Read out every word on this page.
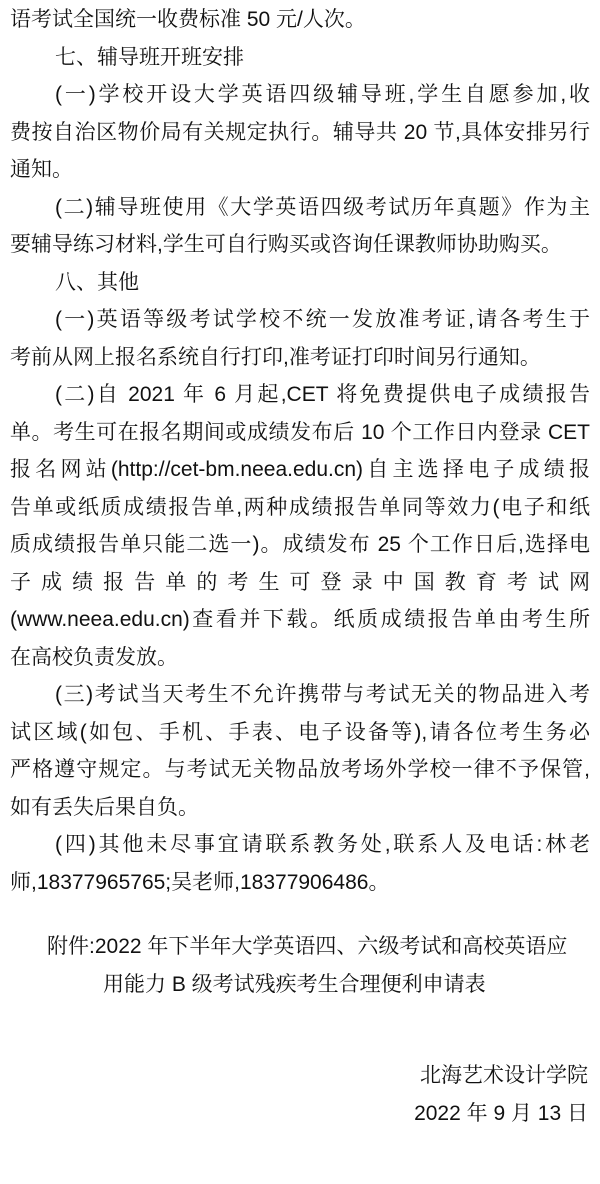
语考试全国统一收费标准 50 元/人次。
七、辅导班开班安排
(一)学校开设大学英语四级辅导班,学生自愿参加,收
费按自治区物价局有关规定执行。辅导共 20 节,具体安排另行
通知。
(二)辅导班使用《大学英语四级考试历年真题》作为主
要辅导练习材料,学生可自行购买或咨询任课教师协助购买。
八、其他
(一)英语等级考试学校不统一发放准考证,请各考生于
考前从网上报名系统自行打印,准考证打印时间另行通知。
(二)自 2021 年 6 月起,CET 将免费提供电子成绩报告
单。考生可在报名期间或成绩发布后 10 个工作日内登录 CET
报名网站(http://cet-bm.neea.edu.cn)自主选择电子成绩报
告单或纸质成绩报告单,两种成绩报告单同等效力(电子和纸
质成绩报告单只能二选一)。成绩发布 25 个工作日后,选择电
子成绩报告单的考生可登录中国教育考试网
(www.neea.edu.cn)查看并下载。纸质成绩报告单由考生所
在高校负责发放。
(三)考试当天考生不允许携带与考试无关的物品进入考
试区域(如包、手机、手表、电子设备等),请各位考生务必
严格遵守规定。与考试无关物品放考场外学校一律不予保管,
如有丢失后果自负。
(四)其他未尽事宜请联系教务处,联系人及电话:林老
师,18377965765;吴老师,18377906486。
附件:2022 年下半年大学英语四、六级考试和高校英语应
用能力 B 级考试残疾考生合理便利申请表
北海艺术设计学院
2022 年 9 月 13 日
